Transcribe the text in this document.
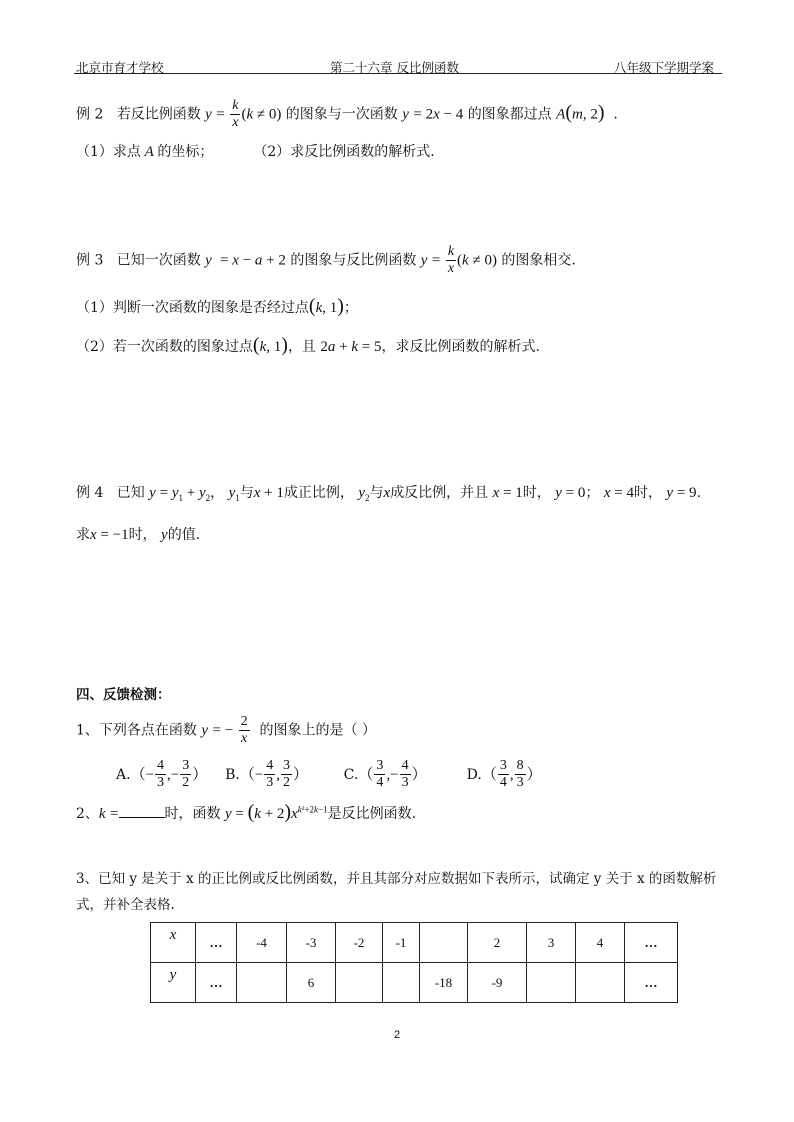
北京市育才学校	第二十六章 反比例函数	八年级下学期学案
例 2 若反比例函数 $y = \frac{k}{x} (k \ne 0)$ 的图象与一次函数 y = 2x − 4 的图象都过点 A(m, 2)  .
（1）求点 A 的坐标；	（2）求反比例函数的解析式.
例 3 已知一次函数 y  = x − a + 2 的图象与反比例函数 $y = \frac{k}{x} (k \ne 0)$ 的图象相交.
（1）判断一次函数的图象是否经过点(k, 1)；
（2）若一次函数的图象过点(k, 1)，且 2a + k = 5，求反比例函数的解析式.
例 4 已知 $y = y_1 + y_2$， $y_1$与x + 1成正比例， $y_2$与x成反比例，并且 x = 1时， y = 0； x = 4时， y = 9.
求x = −1时， y的值.
四、反馈检测：
1、下列各点在函数 y = − $\frac{2}{x}$ 的图象上的是（ ）
$A.(- \frac{4}{3}$ ,− $\frac{3}{2}$ ） $B.(- \frac{4}{3}$ , $\frac{3}{2}$ ）	$C.( \frac{3}{4}$ ,− $\frac{4}{3}$ ）	$D.( \frac{3}{4}$ , $\frac{8}{3}$ ）
2、k =	时，函数 $y = (k + 2)x^{k^2+2k-1}$是反比例函数.
3、已知 y 是关于 x 的正比例或反比例函数，并且其部分对应数据如下表所示，试确定 y 关于 x 的函数解析
式，并补全表格.
x	…	-4	-3	-2	-1		2	3	4	…
y	…		6			-18	-9			…
2
